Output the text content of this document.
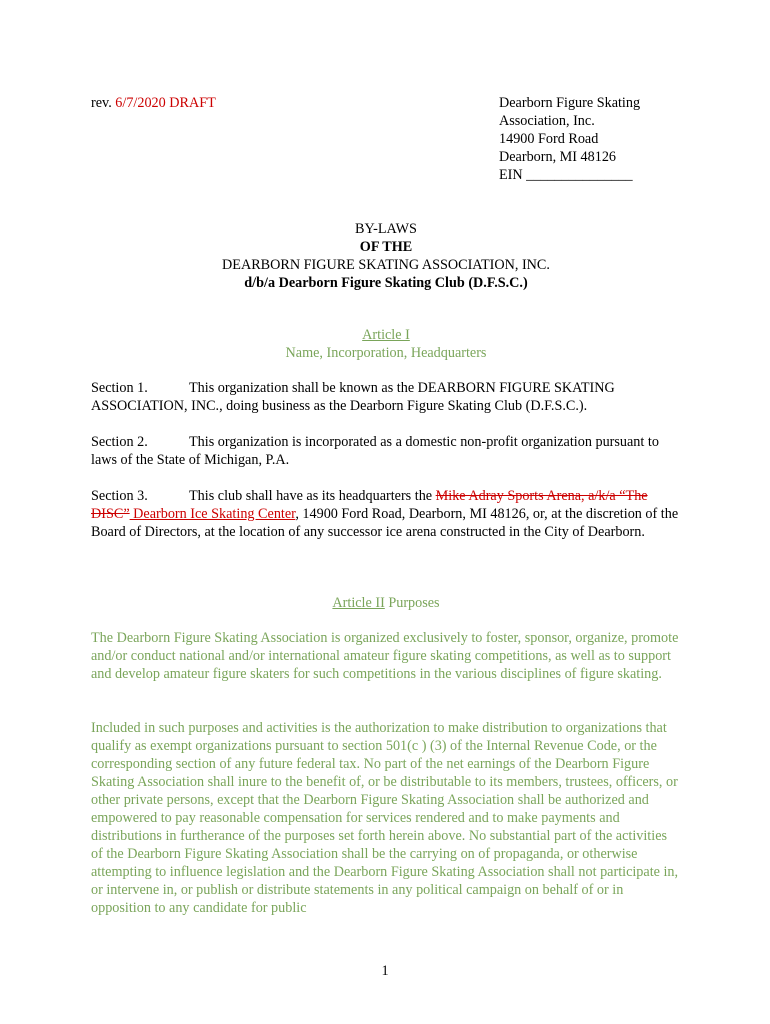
rev. 6/7/2020 DRAFT	Dearborn Figure Skating
Association, Inc.
14900 Ford Road
Dearborn, MI 48126
EIN _______________
BY-LAWS
OF THE
DEARBORN FIGURE SKATING ASSOCIATION, INC.
d/b/a Dearborn Figure Skating Club (D.F.S.C.)
Article I
Name, Incorporation, Headquarters
Section 1.	This organization shall be known as the DEARBORN FIGURE SKATING ASSOCIATION, INC., doing business as the Dearborn Figure Skating Club (D.F.S.C.).
Section 2.	This organization is incorporated as a domestic non-profit organization pursuant to laws of the State of Michigan, P.A.
Section 3.	This club shall have as its headquarters the Mike Adray Sports Arena, a/k/a “The DISC” Dearborn Ice Skating Center, 14900 Ford Road, Dearborn, MI 48126, or, at the discretion of the Board of Directors, at the location of any successor ice arena constructed in the City of Dearborn.
Article II Purposes
The Dearborn Figure Skating Association is organized exclusively to foster, sponsor, organize, promote and/or conduct national and/or international amateur figure skating competitions, as well as to support and develop amateur figure skaters for such competitions in the various disciplines of figure skating.
Included in such purposes and activities is the authorization to make distribution to organizations that qualify as exempt organizations pursuant to section 501(c ) (3) of the Internal Revenue Code, or the corresponding section of any future federal tax. No part of the net earnings of the Dearborn Figure Skating Association shall inure to the benefit of, or be distributable to its members, trustees, officers, or other private persons, except that the Dearborn Figure Skating Association shall be authorized and empowered to pay reasonable compensation for services rendered and to make payments and distributions in furtherance of the purposes set forth herein above. No substantial part of the activities of the Dearborn Figure Skating Association shall be the carrying on of propaganda, or otherwise attempting to influence legislation and the Dearborn Figure Skating Association shall not participate in, or intervene in, or publish or distribute statements in any political campaign on behalf of or in opposition to any candidate for public
1
